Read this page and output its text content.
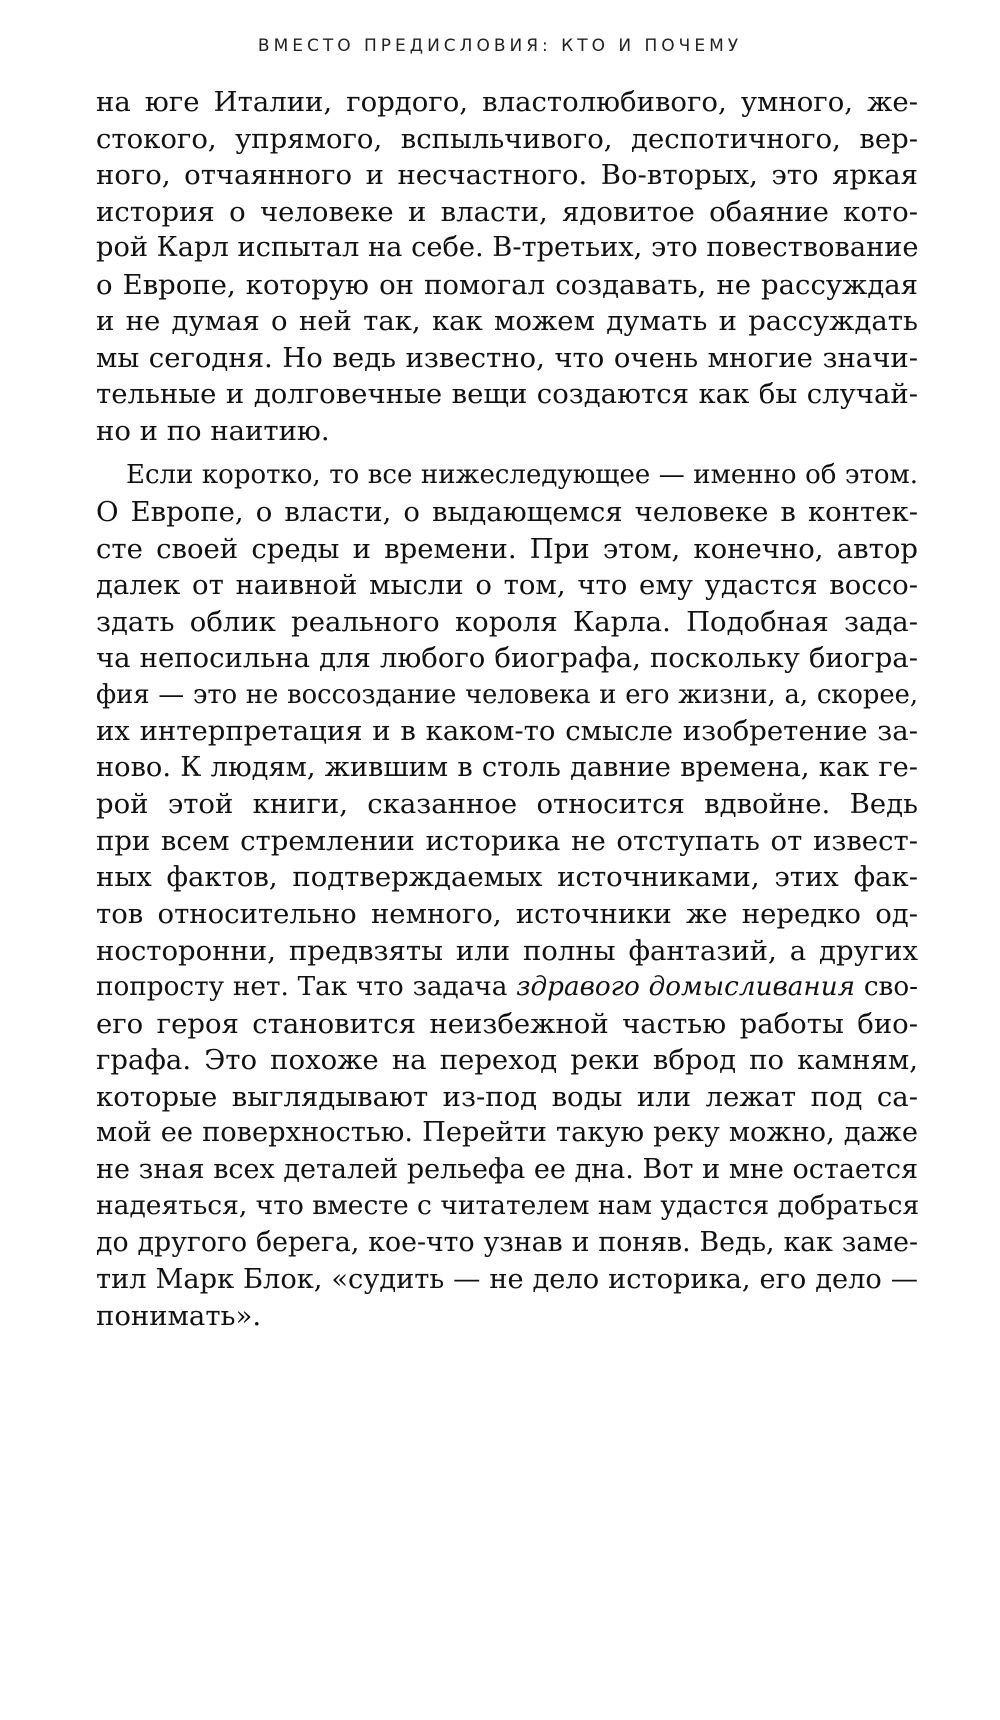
ВМЕСТО ПРЕДИСЛОВИЯ: КТО И ПОЧЕМУ
на юге Италии, гордого, властолюбивого, умного, же-
стокого, упрямого, вспыльчивого, деспотичного, вер-
ного, отчаянного и несчастного. Во-вторых, это яркая
история о человеке и власти, ядовитое обаяние кото-
рой Карл испытал на себе. В-третьих, это повествование
о Европе, которую он помогал создавать, не рассуждая
и не думая о ней так, как можем думать и рассуждать
мы сегодня. Но ведь известно, что очень многие значи-
тельные и долговечные вещи создаются как бы случай-
но и по наитию.
Если коротко, то все нижеследующее — именно об этом.
О Европе, о власти, о выдающемся человеке в контек-
сте своей среды и времени. При этом, конечно, автор
далек от наивной мысли о том, что ему удастся воссо-
здать облик реального короля Карла. Подобная зада-
ча непосильна для любого биографа, поскольку биогра-
фия — это не воссоздание человека и его жизни, а, скорее,
их интерпретация и в каком-то смысле изобретение за-
ново. К людям, жившим в столь давние времена, как ге-
рой этой книги, сказанное относится вдвойне. Ведь
при всем стремлении историка не отступать от извест-
ных фактов, подтверждаемых источниками, этих фак-
тов относительно немного, источники же нередко од-
носторонни, предвзяты или полны фантазий, а других
попросту нет. Так что задача здравого домысливания сво-
его героя становится неизбежной частью работы био-
графа. Это похоже на переход реки вброд по камням,
которые выглядывают из-под воды или лежат под са-
мой ее поверхностью. Перейти такую реку можно, даже
не зная всех деталей рельефа ее дна. Вот и мне остается
надеяться, что вместе с читателем нам удастся добраться
до другого берега, кое-что узнав и поняв. Ведь, как заме-
тил Марк Блок, «судить — не дело историка, его дело —
понимать».
